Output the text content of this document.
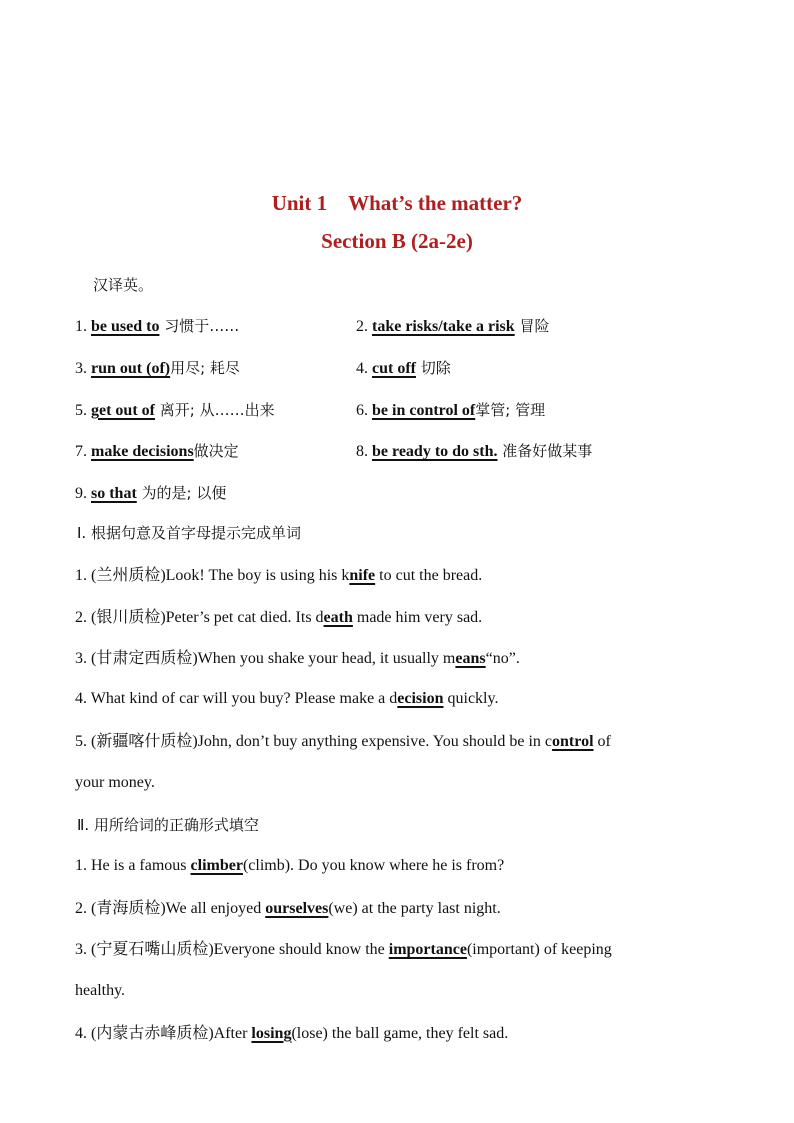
Unit 1　What’s the matter?
Section B (2a-2e)
汉译英。
1. be used to 习惯于……	2. take risks/take a risk 冒险
3. run out (of)用尽; 耗尽	4. cut off 切除
5. get out of 离开; 从……出来	6. be in control of掌管; 管理
7. make decisions做决定	8. be ready to do sth. 准备好做某事
9. so that 为的是; 以便
Ⅰ. 根据句意及首字母提示完成单词
1. (兰州质检)Look! The boy is using his knife to cut the bread.
2. (银川质检)Peter’s pet cat died. Its death made him very sad.
3. (甘肃定西质检)When you shake your head, it usually means“no”.
4. What kind of car will you buy? Please make a decision quickly.
5. (新疆喀什质检)John, don’t buy anything expensive. You should be in control of
your money.
Ⅱ. 用所给词的正确形式填空
1. He is a famous climber(climb). Do you know where he is from?
2. (青海质检)We all enjoyed ourselves(we) at the party last night.
3. (宁夏石嘴山质检)Everyone should know the importance(important) of keeping
healthy.
4. (内蒙古赤峰质检)After losing(lose) the ball game, they felt sad.
